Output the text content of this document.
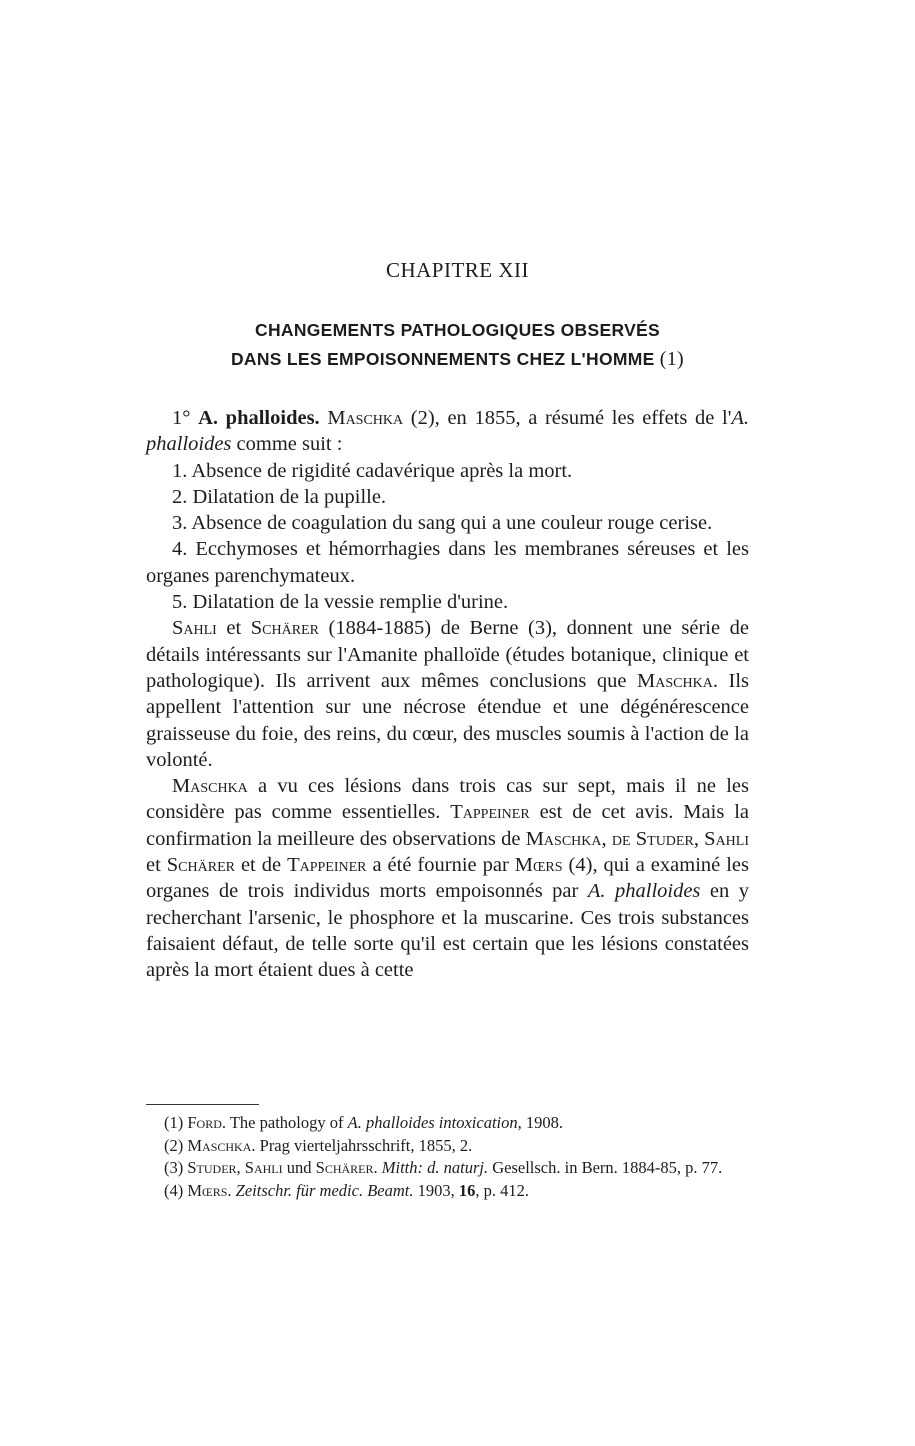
CHAPITRE XII
CHANGEMENTS PATHOLOGIQUES OBSERVÉS
DANS LES EMPOISONNEMENTS CHEZ L'HOMME (1)

1° A. phalloides. Maschka (2), en 1855, a résumé les effets de l'A. phalloides comme suit :

1. Absence de rigidité cadavérique après la mort.

2. Dilatation de la pupille.

3. Absence de coagulation du sang qui a une couleur rouge cerise.

4. Ecchymoses et hémorrhagies dans les membranes séreuses et les organes parenchymateux.

5. Dilatation de la vessie remplie d'urine.

Sahli et Schärer (1884-1885) de Berne (3), donnent une série de détails intéressants sur l'Amanite phalloïde (études botanique, clinique et pathologique). Ils arrivent aux mêmes conclusions que Maschka. Ils appellent l'attention sur une nécrose étendue et une dégénérescence graisseuse du foie, des reins, du cœur, des muscles soumis à l'action de la volonté.

Maschka a vu ces lésions dans trois cas sur sept, mais il ne les considère pas comme essentielles. Tappeiner est de cet avis. Mais la confirmation la meilleure des observations de Maschka, de Studer, Sahli et Schärer et de Tappeiner a été fournie par Mœrs (4), qui a examiné les organes de trois individus morts empoisonnés par A. phalloides en y recherchant l'arsenic, le phosphore et la muscarine. Ces trois substances faisaient défaut, de telle sorte qu'il est certain que les lésions constatées après la mort étaient dues à cette

(1) Ford. The pathology of A. phalloides intoxication, 1908.

(2) Maschka. Prag vierteljahrsschrift, 1855, 2.

(3) Studer, Sahli und Schärer. Mitth: d. naturj. Gesellsch. in Bern. 1884-85, p. 77.

(4) Mœrs. Zeitschr. für medic. Beamt. 1903, 16, p. 412.
